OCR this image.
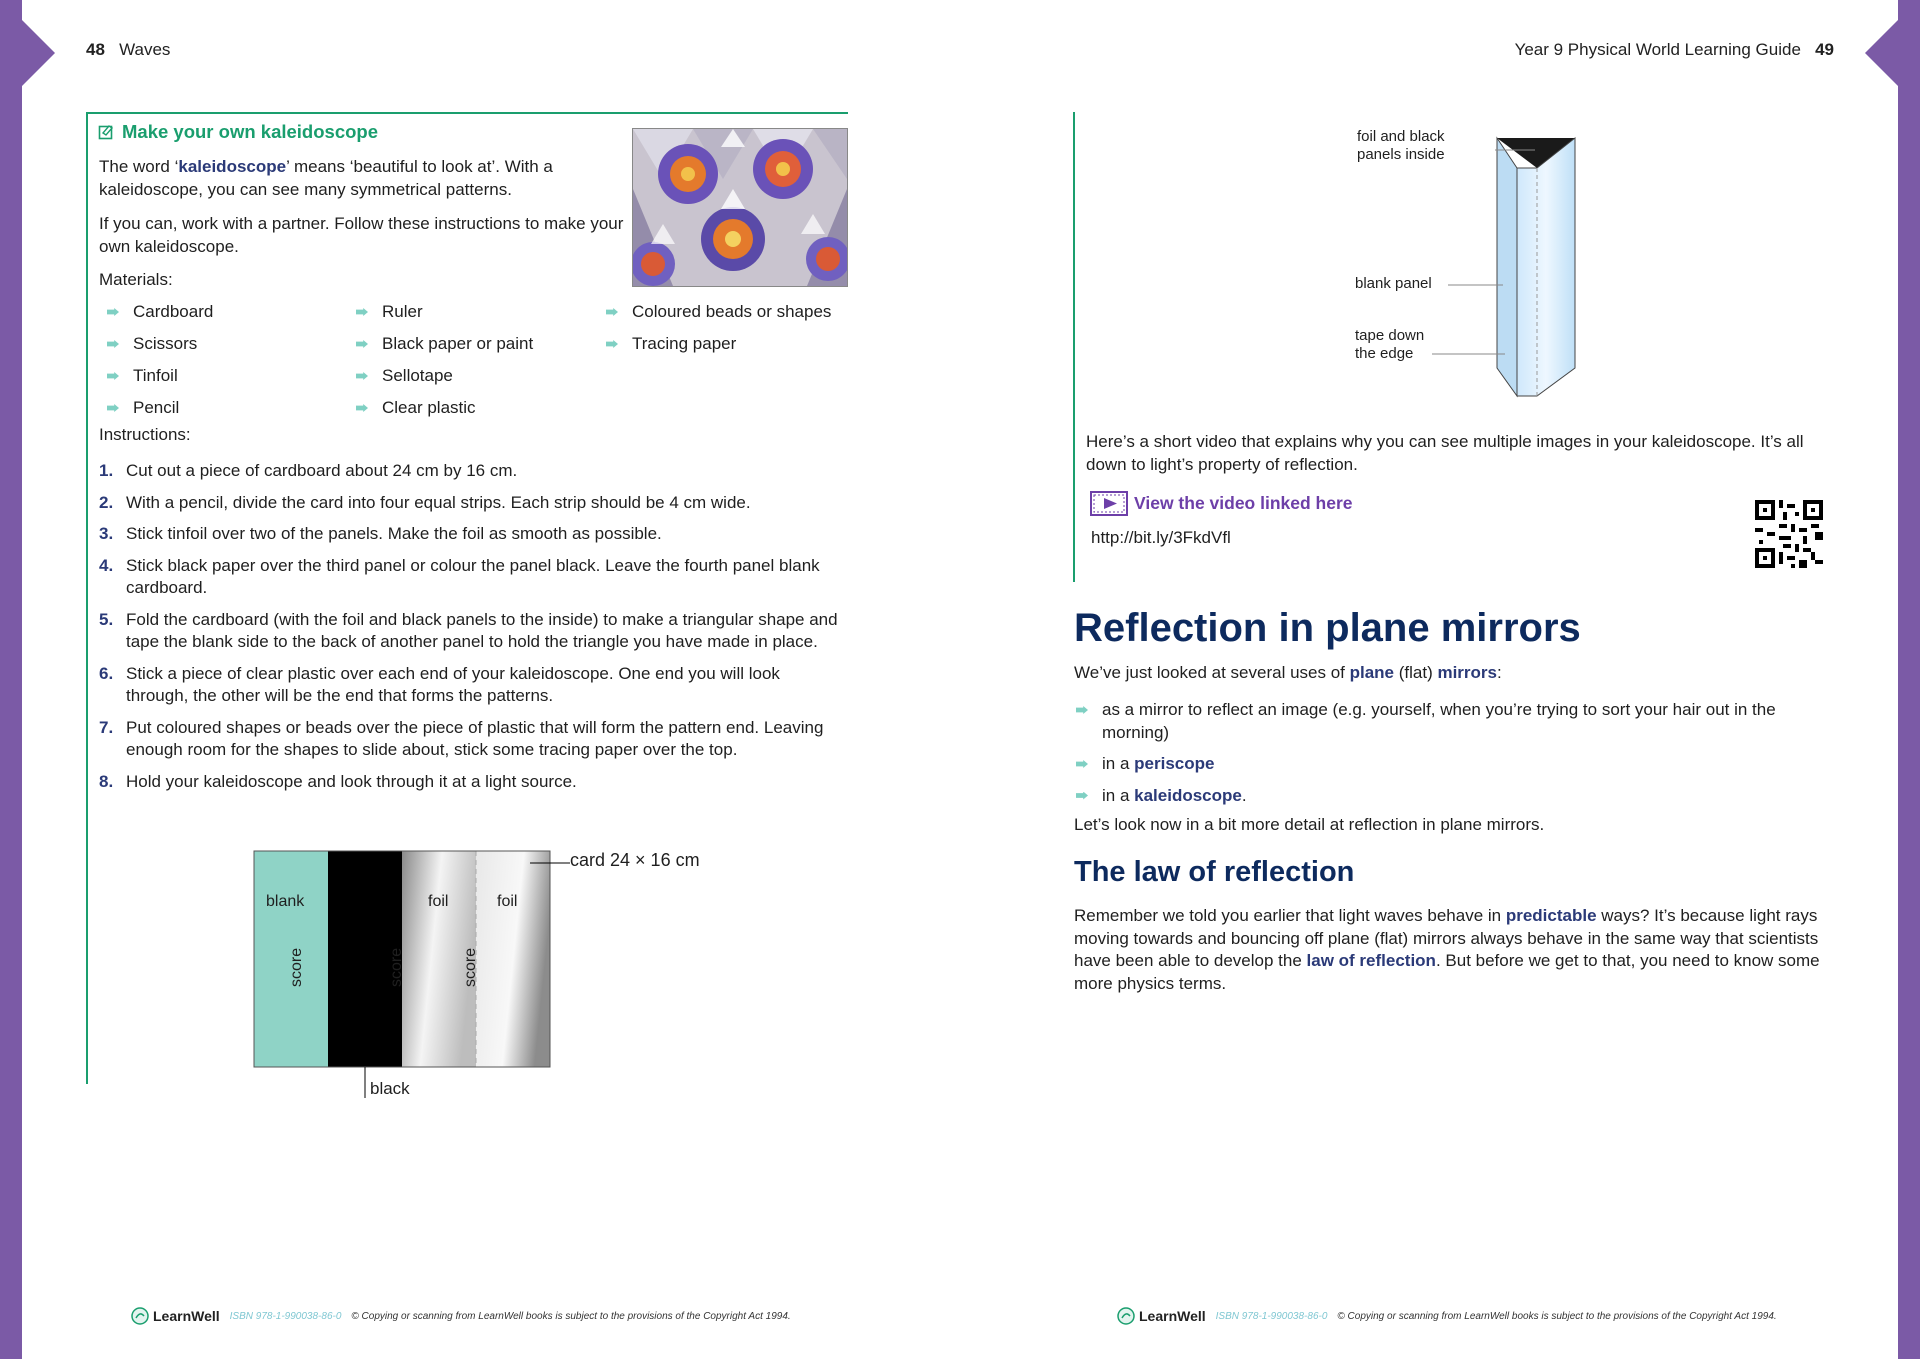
48 Waves	Year 9 Physical World Learning Guide 49
Make your own kaleidoscope

The word ‘kaleidoscope’ means ‘beautiful to look at’. With a kaleidoscope, you can see many symmetrical patterns.

If you can, work with a partner. Follow these instructions to make your own kaleidoscope.

Materials:

Cardboard
Scissors
Tinfoil
Pencil
Ruler
Black paper or paint
Sellotape
Clear plastic
Coloured beads or shapes
Tracing paper

Instructions:

1. Cut out a piece of cardboard about 24 cm by 16 cm.
2. With a pencil, divide the card into four equal strips. Each strip should be 4 cm wide.
3. Stick tinfoil over two of the panels. Make the foil as smooth as possible.
4. Stick black paper over the third panel or colour the panel black. Leave the fourth panel blank cardboard.
5. Fold the cardboard (with the foil and black panels to the inside) to make a triangular shape and tape the blank side to the back of another panel to hold the triangle you have made in place.
6. Stick a piece of clear plastic over each end of your kaleidoscope. One end you will look through, the other will be the end that forms the patterns.
7. Put coloured shapes or beads over the piece of plastic that will form the pattern end. Leaving enough room for the shapes to slide about, stick some tracing paper over the top.
8. Hold your kaleidoscope and look through it at a light source.
card 24 × 16 cm
blank	foil	foil
score	score	score
black
foil and black
panels inside
blank panel
tape down
the edge

Here’s a short video that explains why you can see multiple images in your kaleidoscope. It’s all down to light’s property of reflection.

View the video linked here

http://bit.ly/3FkdVfl

Reflection in plane mirrors

We’ve just looked at several uses of plane (flat) mirrors:

as a mirror to reflect an image (e.g. yourself, when you’re trying to sort your hair out in the morning)
in a periscope
in a kaleidoscope.

Let’s look now in a bit more detail at reflection in plane mirrors.

The law of reflection

Remember we told you earlier that light waves behave in predictable ways? It’s because light rays moving towards and bouncing off plane (flat) mirrors always behave in the same way that scientists have been able to develop the law of reflection. But before we get to that, you need to know some more physics terms.

LearnWell ISBN 978-1-990038-86-0 © Copying or scanning from LearnWell books is subject to the provisions of the Copyright Act 1994.	LearnWell ISBN 978-1-990038-86-0 © Copying or scanning from LearnWell books is subject to the provisions of the Copyright Act 1994.
